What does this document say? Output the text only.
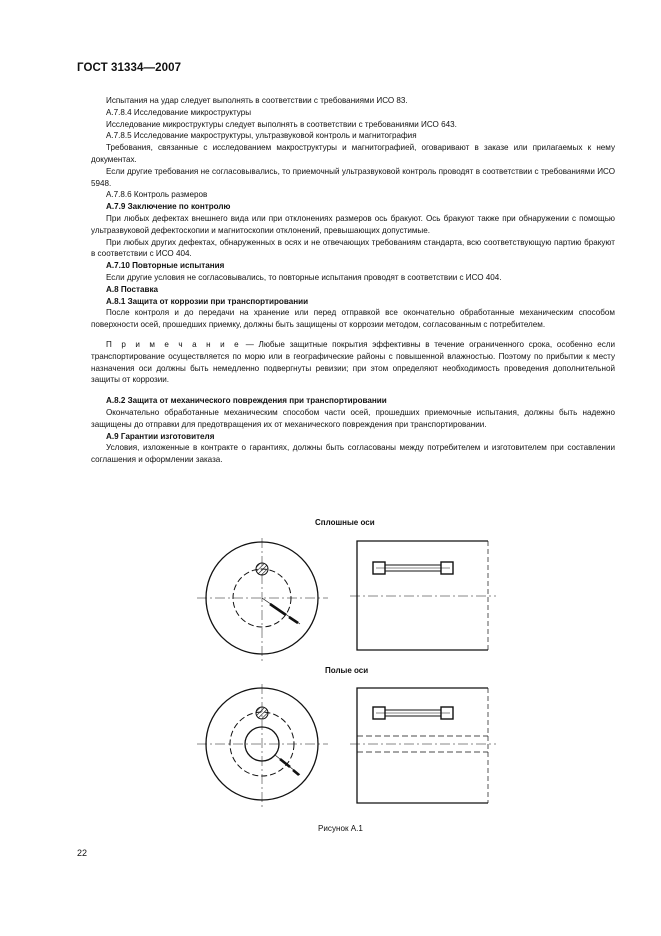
ГОСТ 31334—2007

Испытания на удар следует выполнять в соответствии с требованиями ИСО 83.

А.7.8.4 Исследование микроструктуры

Исследование микроструктуры следует выполнять в соответствии с требованиями ИСО 643.

А.7.8.5 Исследование макроструктуры, ультразвуковой контроль и магнитография

Требования, связанные с исследованием макроструктуры и магнитографией, оговаривают в заказе или прилагаемых к нему документах.

Если другие требования не согласовывались, то приемочный ультразвуковой контроль проводят в соответствии с требованиями ИСО 5948.

А.7.8.6 Контроль размеров

А.7.9 Заключение по контролю

При любых дефектах внешнего вида или при отклонениях размеров ось бракуют. Ось бракуют также при обнаружении с помощью ультразвуковой дефектоскопии и магнитоскопии отклонений, превышающих допустимые.

При любых других дефектах, обнаруженных в осях и не отвечающих требованиям стандарта, всю соответствующую партию бракуют в соответствии с ИСО 404.

А.7.10 Повторные испытания

Если другие условия не согласовывались, то повторные испытания проводят в соответствии с ИСО 404.

А.8 Поставка

А.8.1 Защита от коррозии при транспортировании

После контроля и до передачи на хранение или перед отправкой все окончательно обработанные механическим способом поверхности осей, прошедших приемку, должны быть защищены от коррозии методом, согласованным с потребителем.

П р и м е ч а н и е — Любые защитные покрытия эффективны в течение ограниченного срока, особенно если транспортирование осуществляется по морю или в географические районы с повышенной влажностью. Поэтому по прибытии к месту назначения оси должны быть немедленно подвергнуты ревизии; при этом определяют необходимость проведения дополнительной защиты от коррозии.

А.8.2 Защита от механического повреждения при транспортировании

Окончательно обработанные механическим способом части осей, прошедших приемочные испытания, должны быть надежно защищены до отправки для предотвращения их от механического повреждения при транспортировании.

А.9 Гарантии изготовителя

Условия, изложенные в контракте о гарантиях, должны быть согласованы между потребителем и изготовителем при составлении соглашения и оформлении заказа.

Сплошные оси
Полые оси
Рисунок А.1
22
